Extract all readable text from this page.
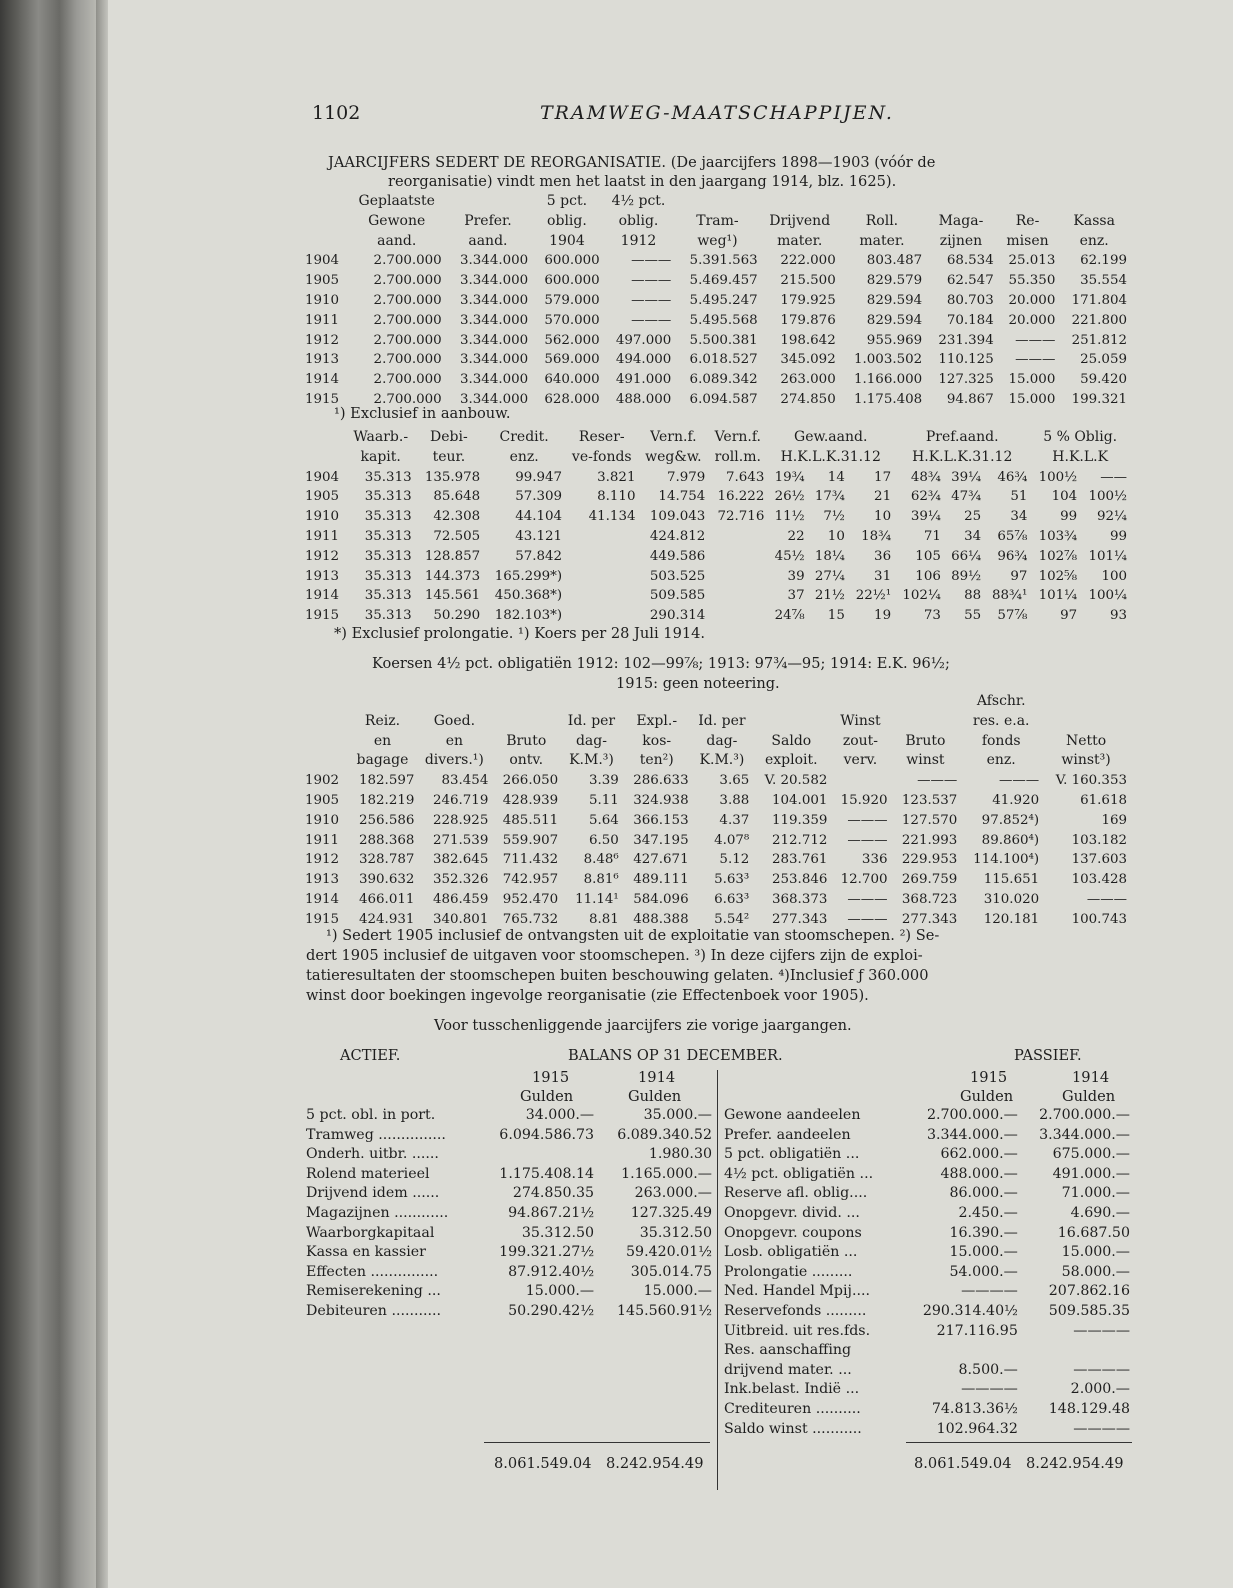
1102	TRAMWEG-MAATSCHAPPIJEN.
JAARCIJFERS SEDERT DE REORGANISATIE. (De jaarcijfers 1898—1903 (vóór de
reorganisatie) vindt men het laatst in den jaargang 1914, blz. 1625).
	Geplaatste		5 pct.	4½ pct.						
	Gewone	Prefer.	oblig.	oblig.	Tram-	Drijvend	Roll.	Maga-	Re-	Kassa
	aand.	aand.	1904	1912	weg¹)	mater.	mater.	zijnen	misen	enz.
1904	2.700.000	3.344.000	600.000	———	5.391.563	222.000	803.487	68.534	25.013	62.199
1905	2.700.000	3.344.000	600.000	———	5.469.457	215.500	829.579	62.547	55.350	35.554
1910	2.700.000	3.344.000	579.000	———	5.495.247	179.925	829.594	80.703	20.000	171.804
1911	2.700.000	3.344.000	570.000	———	5.495.568	179.876	829.594	70.184	20.000	221.800
1912	2.700.000	3.344.000	562.000	497.000	5.500.381	198.642	955.969	231.394	———	251.812
1913	2.700.000	3.344.000	569.000	494.000	6.018.527	345.092	1.003.502	110.125	———	25.059
1914	2.700.000	3.344.000	640.000	491.000	6.089.342	263.000	1.166.000	127.325	15.000	59.420
1915	2.700.000	3.344.000	628.000	488.000	6.094.587	274.850	1.175.408	94.867	15.000	199.321
¹) Exclusief in aanbouw.
	Waarb.-	Debi-	Credit.	Reser-	Vern.f.	Vern.f.	Gew.aand.			Pref.aand.			5 % Oblig.	
	kapit.	teur.	enz.	ve-fonds	weg&w.	roll.m.	H.K.L.K.31.12			H.K.L.K.31.12			H.K.L.K	
1904	35.313	135.978	99.947	3.821	7.979	7.643	19¾	14	17	48¾	39¼	46¾	100½	——
1905	35.313	85.648	57.309	8.110	14.754	16.222	26½	17¾	21	62¾	47¾	51	104	100½
1910	35.313	42.308	44.104	41.134	109.043	72.716	11½	7½	10	39¼	25	34	99	92¼
1911	35.313	72.505	43.121		424.812		22	10	18¾	71	34	65⅞	103¾	99
1912	35.313	128.857	57.842		449.586		45½	18¼	36	105	66¼	96¾	102⅞	101¼
1913	35.313	144.373	165.299*)		503.525		39	27¼	31	106	89½	97	102⅝	100
1914	35.313	145.561	450.368*)		509.585		37	21½	22½¹	102¼	88	88¾¹	101¼	100¼
1915	35.313	50.290	182.103*)		290.314		24⅞	15	19	73	55	57⅞	97	93
*) Exclusief prolongatie. ¹) Koers per 28 Juli 1914.
Koersen 4½ pct. obligatiën 1912: 102—99⅞; 1913: 97¾—95; 1914: E.K. 96½;
1915: geen noteering.
										Afschr.	
	Reiz.	Goed.		Id. per	Expl.-	Id. per		Winst		res. e.a.	
	en	en	Bruto	dag-	kos-	dag-	Saldo	zout-	Bruto	fonds	Netto
	bagage	divers.¹)	ontv.	K.M.³)	ten²)	K.M.³)	exploit.	verv.	winst	enz.	winst³)
1902	182.597	83.454	266.050	3.39	286.633	3.65	V. 20.582		———	———	V. 160.353
1905	182.219	246.719	428.939	5.11	324.938	3.88	104.001	15.920	123.537	41.920	61.618
1910	256.586	228.925	485.511	5.64	366.153	4.37	119.359	———	127.570	97.852⁴)	169
1911	288.368	271.539	559.907	6.50	347.195	4.07⁸	212.712	———	221.993	89.860⁴)	103.182
1912	328.787	382.645	711.432	8.48⁶	427.671	5.12	283.761	336	229.953	114.100⁴)	137.603
1913	390.632	352.326	742.957	8.81⁶	489.111	5.63³	253.846	12.700	269.759	115.651	103.428
1914	466.011	486.459	952.470	11.14¹	584.096	6.63³	368.373	———	368.723	310.020	———
1915	424.931	340.801	765.732	8.81	488.388	5.54²	277.343	———	277.343	120.181	100.743
¹) Sedert 1905 inclusief de ontvangsten uit de exploitatie van stoomschepen. ²) Se-
dert 1905 inclusief de uitgaven voor stoomschepen. ³) In deze cijfers zijn de exploi-
tatieresultaten der stoomschepen buiten beschouwing gelaten. ⁴)Inclusief ƒ 360.000
winst door boekingen ingevolge reorganisatie (zie Effectenboek voor 1905).
Voor tusschenliggende jaarcijfers zie vorige jaargangen.
ACTIEF.	BALANS OP 31 DECEMBER.	PASSIEF.
1915	1914
Gulden	Gulden
1915	1914
Gulden	Gulden
5 pct. obl. in port.	34.000.—	35.000.—
Tramweg ...............	6.094.586.73	6.089.340.52
Onderh. uitbr. ......		1.980.30
Rolend materieel	1.175.408.14	1.165.000.—
Drijvend idem ......	274.850.35	263.000.—
Magazijnen ............	94.867.21½	127.325.49
Waarborgkapitaal	35.312.50	35.312.50
Kassa en kassier	199.321.27½	59.420.01½
Effecten ...............	87.912.40½	305.014.75
Remiserekening ...	15.000.—	15.000.—
Debiteuren ...........	50.290.42½	145.560.91½
Gewone aandeelen	2.700.000.—	2.700.000.—
Prefer. aandeelen	3.344.000.—	3.344.000.—
5 pct. obligatiën ...	662.000.—	675.000.—
4½ pct. obligatiën ...	488.000.—	491.000.—
Reserve afl. oblig....	86.000.—	71.000.—
Onopgevr. divid. ...	2.450.—	4.690.—
Onopgevr. coupons	16.390.—	16.687.50
Losb. obligatiën ...	15.000.—	15.000.—
Prolongatie .........	54.000.—	58.000.—
Ned. Handel Mpij....	————	207.862.16
Reservefonds .........	290.314.40½	509.585.35
Uitbreid. uit res.fds.	217.116.95	————
Res. aanschaffing		
drijvend mater. ...	8.500.—	————
Ink.belast. Indië ...	————	2.000.—
Crediteuren ..........	74.813.36½	148.129.48
Saldo winst ...........	102.964.32	————
8.061.549.04 8.242.954.49	8.061.549.04 8.242.954.49
